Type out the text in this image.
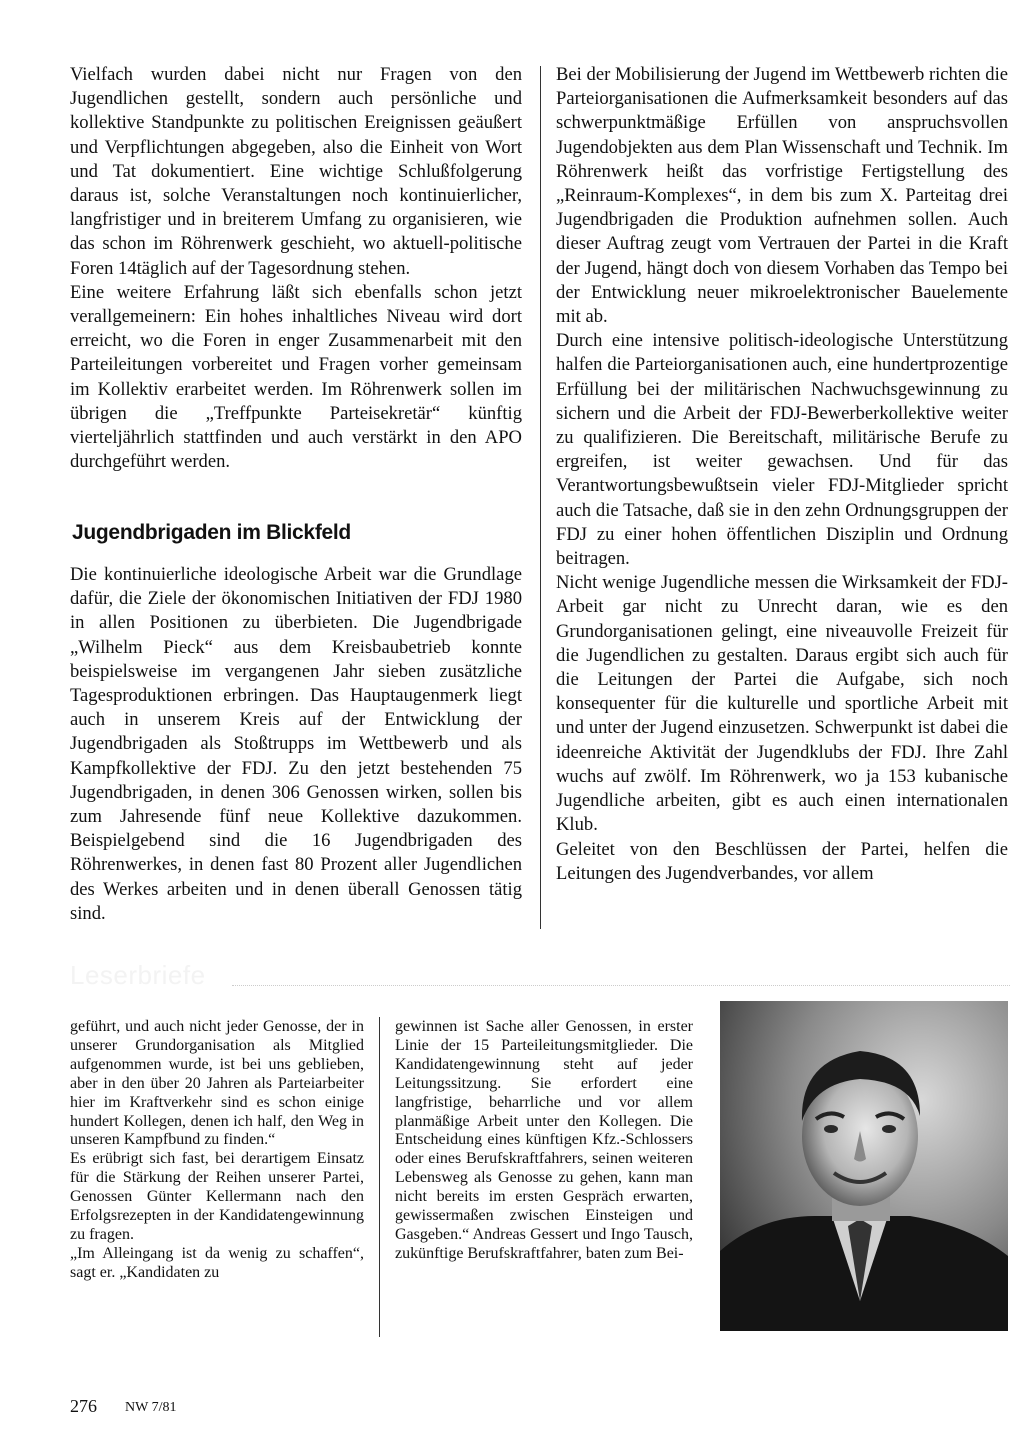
Vielfach wurden dabei nicht nur Fragen von den Jugendlichen gestellt, sondern auch persönliche und kollektive Standpunkte zu politischen Ereignissen geäußert und Verpflichtungen abgegeben, also die Einheit von Wort und Tat dokumentiert. Eine wichtige Schlußfolgerung daraus ist, solche Veranstaltungen noch kontinuierlicher, langfristiger und in breiterem Umfang zu organisieren, wie das schon im Röhrenwerk geschieht, wo aktuell-politische Foren 14täglich auf der Tagesordnung stehen.

Eine weitere Erfahrung läßt sich ebenfalls schon jetzt verallgemeinern: Ein hohes inhaltliches Niveau wird dort erreicht, wo die Foren in enger Zusammenarbeit mit den Parteileitungen vorbereitet und Fragen vorher gemeinsam im Kollektiv erarbeitet werden. Im Röhrenwerk sollen im übrigen die „Treffpunkte Parteisekretär“ künftig vierteljährlich stattfinden und auch verstärkt in den APO durchgeführt werden.

Jugendbrigaden im Blickfeld

Die kontinuierliche ideologische Arbeit war die Grundlage dafür, die Ziele der ökonomischen Initiativen der FDJ 1980 in allen Positionen zu überbieten. Die Jugendbrigade „Wilhelm Pieck“ aus dem Kreisbaubetrieb konnte beispielsweise im vergangenen Jahr sieben zusätzliche Tagesproduktionen erbringen. Das Hauptaugenmerk liegt auch in unserem Kreis auf der Entwicklung der Jugendbrigaden als Stoßtrupps im Wettbewerb und als Kampfkollektive der FDJ. Zu den jetzt bestehenden 75 Jugendbrigaden, in denen 306 Genossen wirken, sollen bis zum Jahresende fünf neue Kollektive dazukommen. Beispielgebend sind die 16 Jugendbrigaden des Röhrenwerkes, in denen fast 80 Prozent aller Jugendlichen des Werkes arbeiten und in denen überall Genossen tätig sind.

Bei der Mobilisierung der Jugend im Wettbewerb richten die Parteiorganisationen die Aufmerksamkeit besonders auf das schwerpunktmäßige Erfüllen von anspruchsvollen Jugendobjekten aus dem Plan Wissenschaft und Technik. Im Röhrenwerk heißt das vorfristige Fertigstellung des „Reinraum-Komplexes“, in dem bis zum X. Parteitag drei Jugendbrigaden die Produktion aufnehmen sollen. Auch dieser Auftrag zeugt vom Vertrauen der Partei in die Kraft der Jugend, hängt doch von diesem Vorhaben das Tempo bei der Entwicklung neuer mikroelektronischer Bauelemente mit ab.

Durch eine intensive politisch-ideologische Unterstützung halfen die Parteiorganisationen auch, eine hundertprozentige Erfüllung bei der militärischen Nachwuchsgewinnung zu sichern und die Arbeit der FDJ-Bewerberkollektive weiter zu qualifizieren. Die Bereitschaft, militärische Berufe zu ergreifen, ist weiter gewachsen. Und für das Verantwortungsbewußtsein vieler FDJ-Mitglieder spricht auch die Tatsache, daß sie in den zehn Ordnungsgruppen der FDJ zu einer hohen öffentlichen Disziplin und Ordnung beitragen.

Nicht wenige Jugendliche messen die Wirksamkeit der FDJ-Arbeit gar nicht zu Unrecht daran, wie es den Grundorganisationen gelingt, eine niveauvolle Freizeit für die Jugendlichen zu gestalten. Daraus ergibt sich auch für die Leitungen der Partei die Aufgabe, sich noch konsequenter für die kulturelle und sportliche Arbeit mit und unter der Jugend einzusetzen. Schwerpunkt ist dabei die ideenreiche Aktivität der Jugendklubs der FDJ. Ihre Zahl wuchs auf zwölf. Im Röhrenwerk, wo ja 153 kubanische Jugendliche arbeiten, gibt es auch einen internationalen Klub.

Geleitet von den Beschlüssen der Partei, helfen die Leitungen des Jugendverbandes, vor allem

Leserbriefe

geführt, und auch nicht jeder Genosse, der in unserer Grundorganisation als Mitglied aufgenommen wurde, ist bei uns geblieben, aber in den über 20 Jahren als Parteiarbeiter hier im Kraftverkehr sind es schon einige hundert Kollegen, denen ich half, den Weg in unseren Kampfbund zu finden.“

Es erübrigt sich fast, bei derartigem Einsatz für die Stärkung der Reihen unserer Partei, Genossen Günter Kellermann nach den Erfolgsrezepten in der Kandidatengewinnung zu fragen.

„Im Alleingang ist da wenig zu schaffen“, sagt er. „Kandidaten zu

gewinnen ist Sache aller Genossen, in erster Linie der 15 Parteileitungsmitglieder. Die Kandidatengewinnung steht auf jeder Leitungssitzung. Sie erfordert eine langfristige, beharrliche und vor allem planmäßige Arbeit unter den Kollegen. Die Entscheidung eines künftigen Kfz.-Schlossers oder eines Berufskraftfahrers, seinen weiteren Lebensweg als Genosse zu gehen, kann man nicht bereits im ersten Gespräch erwarten, gewissermaßen zwischen Einsteigen und Gasgeben.“ Andreas Gessert und Ingo Tausch, zukünftige Berufskraftfahrer, baten zum Bei-

276 NW 7/81
